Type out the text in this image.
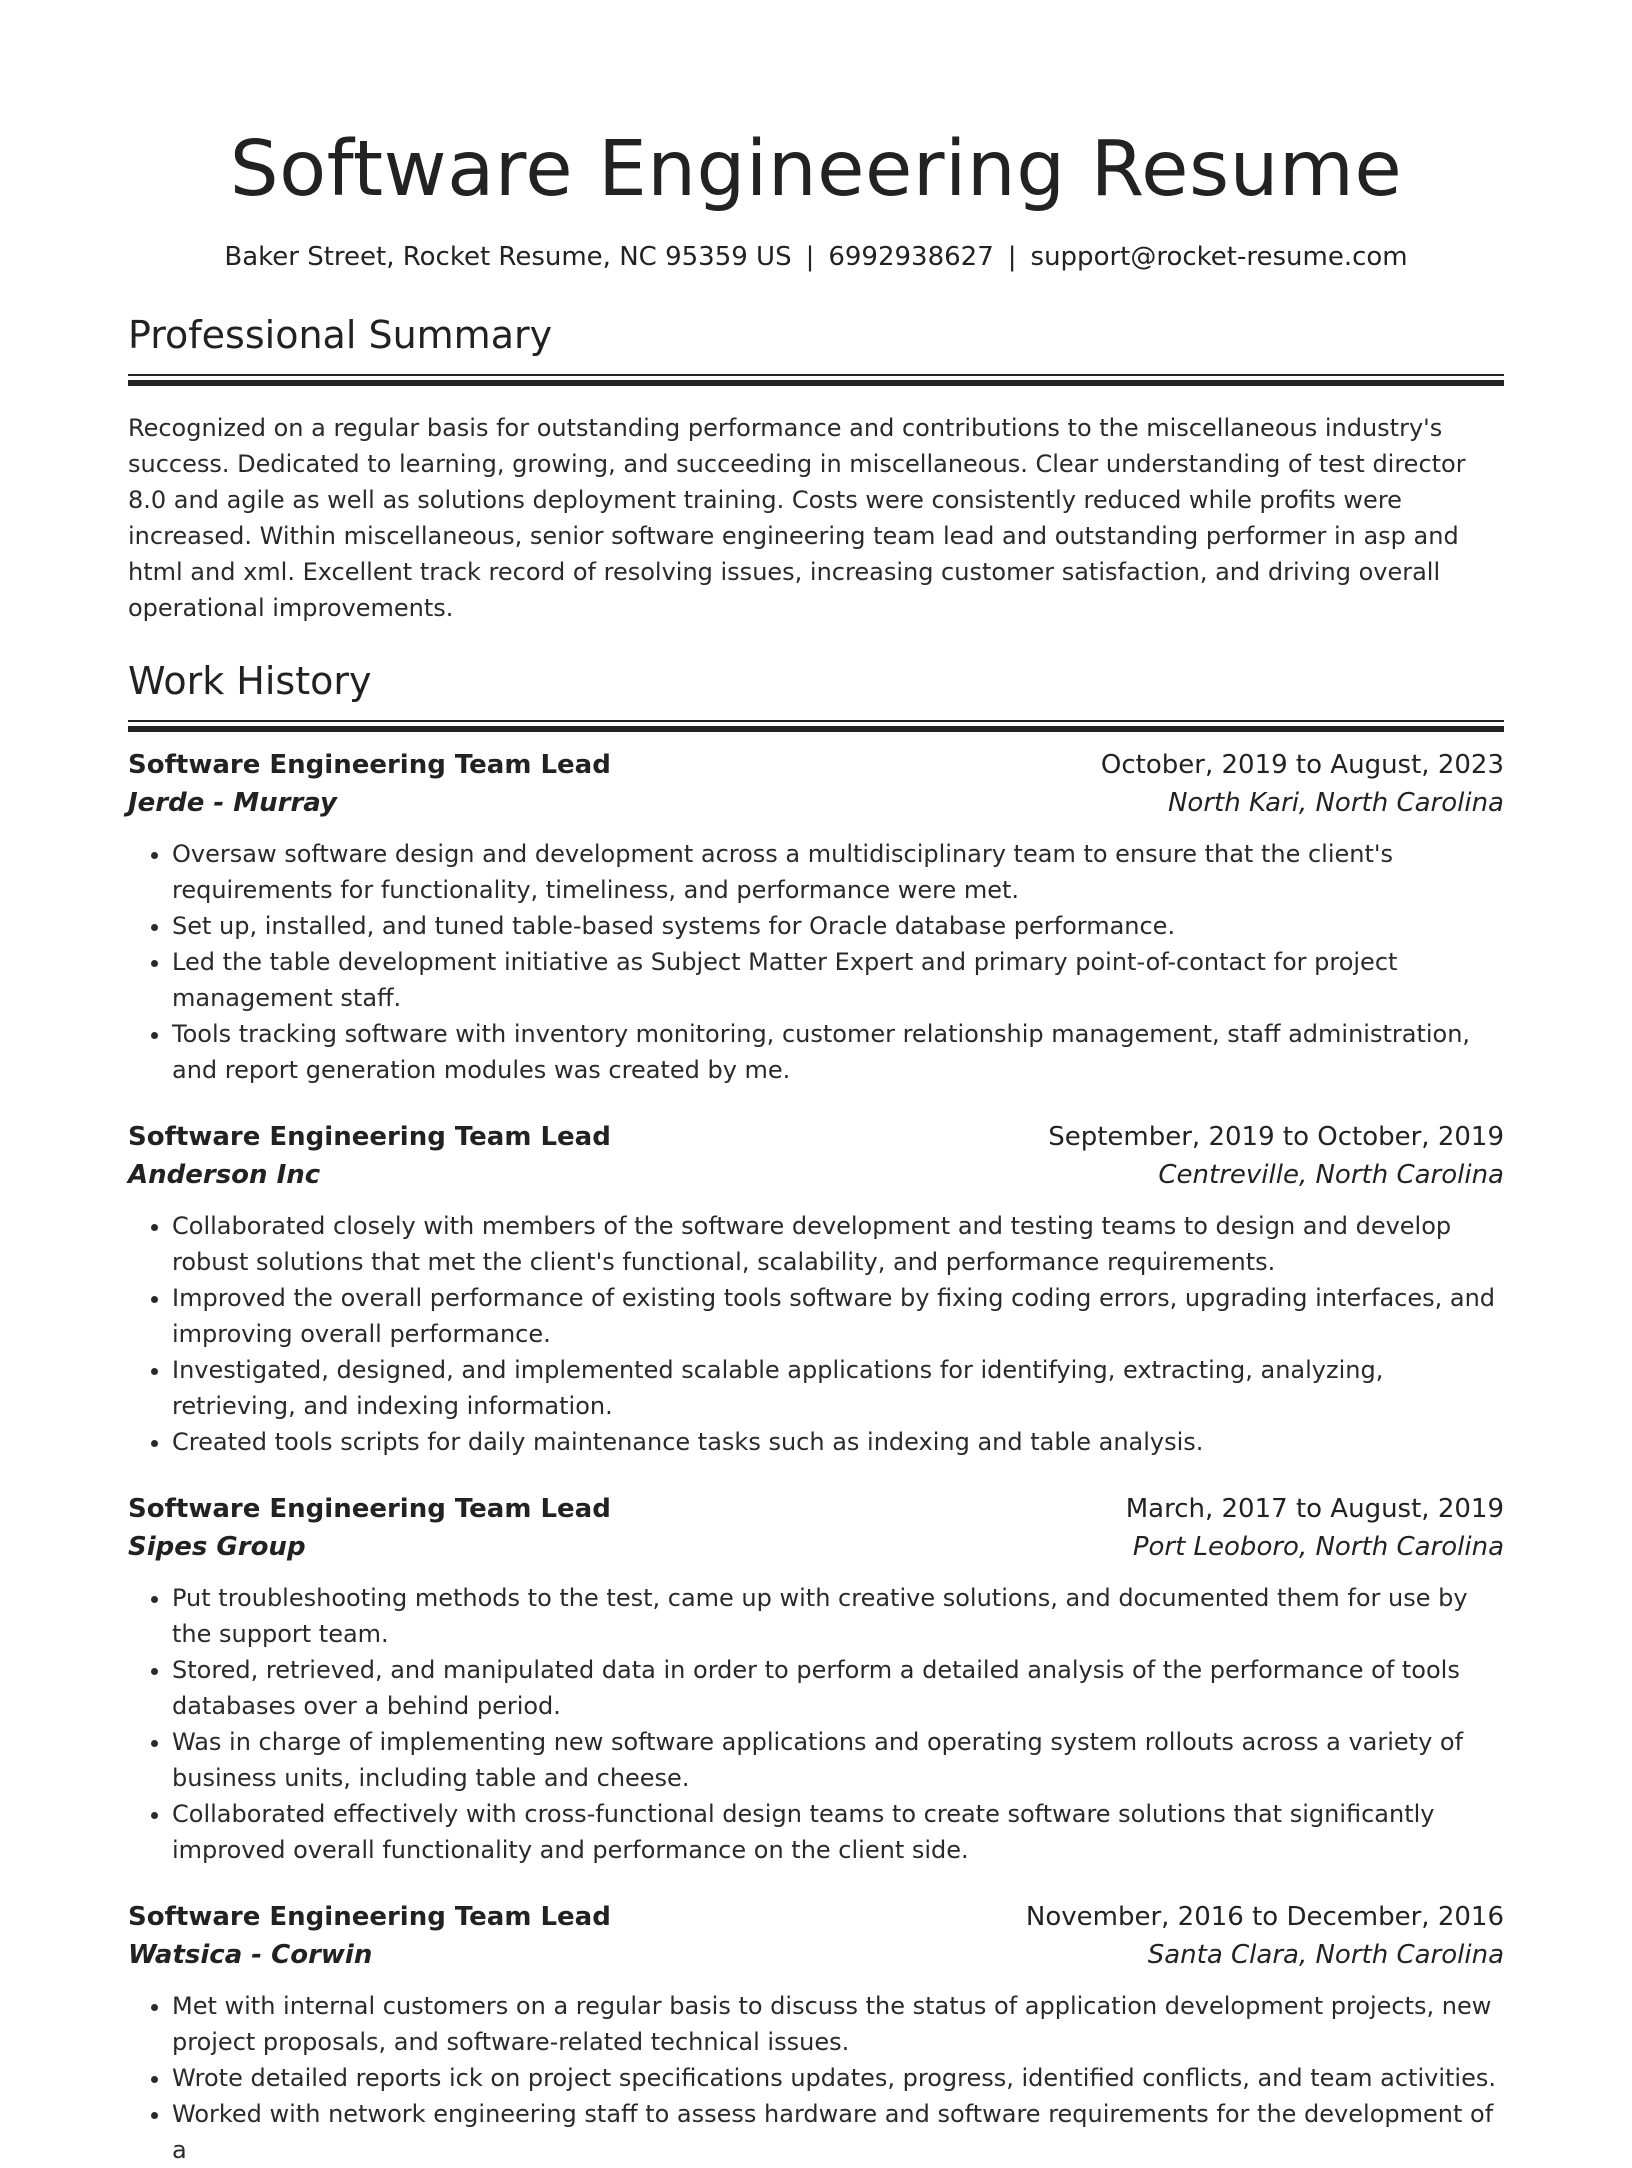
Software Engineering Resume
Baker Street, Rocket Resume, NC 95359 US | 6992938627 | support@rocket-resume.com
Professional Summary

Recognized on a regular basis for outstanding performance and contributions to the miscellaneous industry's success. Dedicated to learning, growing, and succeeding in miscellaneous. Clear understanding of test director 8.0 and agile as well as solutions deployment training. Costs were consistently reduced while profits were increased. Within miscellaneous, senior software engineering team lead and outstanding performer in asp and html and xml. Excellent track record of resolving issues, increasing customer satisfaction, and driving overall operational improvements.

Work History
Software Engineering Team Lead	October, 2019 to August, 2023
Jerde - Murray	North Kari, North Carolina
• Oversaw software design and development across a multidisciplinary team to ensure that the client's requirements for functionality, timeliness, and performance were met.
• Set up, installed, and tuned table-based systems for Oracle database performance.
• Led the table development initiative as Subject Matter Expert and primary point-of-contact for project management staff.
• Tools tracking software with inventory monitoring, customer relationship management, staff administration, and report generation modules was created by me.
Software Engineering Team Lead	September, 2019 to October, 2019
Anderson Inc	Centreville, North Carolina
• Collaborated closely with members of the software development and testing teams to design and develop robust solutions that met the client's functional, scalability, and performance requirements.
• Improved the overall performance of existing tools software by fixing coding errors, upgrading interfaces, and improving overall performance.
• Investigated, designed, and implemented scalable applications for identifying, extracting, analyzing, retrieving, and indexing information.
• Created tools scripts for daily maintenance tasks such as indexing and table analysis.
Software Engineering Team Lead	March, 2017 to August, 2019
Sipes Group	Port Leoboro, North Carolina
• Put troubleshooting methods to the test, came up with creative solutions, and documented them for use by the support team.
• Stored, retrieved, and manipulated data in order to perform a detailed analysis of the performance of tools databases over a behind period.
• Was in charge of implementing new software applications and operating system rollouts across a variety of business units, including table and cheese.
• Collaborated effectively with cross-functional design teams to create software solutions that significantly improved overall functionality and performance on the client side.
Software Engineering Team Lead	November, 2016 to December, 2016
Watsica - Corwin	Santa Clara, North Carolina
• Met with internal customers on a regular basis to discuss the status of application development projects, new project proposals, and software-related technical issues.
• Wrote detailed reports ick on project specifications updates, progress, identified conflicts, and team activities.
• Worked with network engineering staff to assess hardware and software requirements for the development of a
